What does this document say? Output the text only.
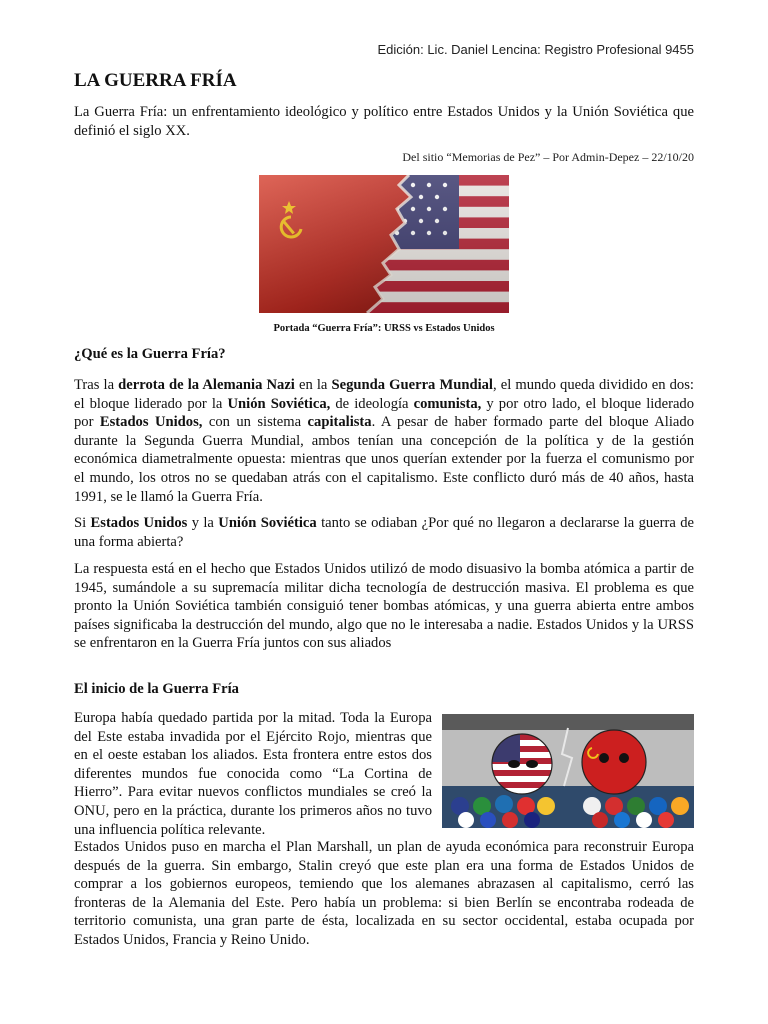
Edición: Lic. Daniel Lencina: Registro Profesional 9455
LA GUERRA FRÍA

La Guerra Fría: un enfrentamiento ideológico y político entre Estados Unidos y la Unión Soviética que definió el siglo XX.

Del sitio “Memorias de Pez” – Por Admin-Depez – 22/10/20
Portada “Guerra Fría”: URSS vs Estados Unidos
¿Qué es la Guerra Fría?

Tras la derrota de la Alemania Nazi en la Segunda Guerra Mundial, el mundo queda dividido en dos: el bloque liderado por la Unión Soviética, de ideología comunista, y por otro lado, el bloque liderado por Estados Unidos, con un sistema capitalista. A pesar de haber formado parte del bloque Aliado durante la Segunda Guerra Mundial, ambos tenían una concepción de la política y de la gestión económica diametralmente opuesta: mientras que unos querían extender por la fuerza el comunismo por el mundo, los otros no se quedaban atrás con el capitalismo. Este conflicto duró más de 40 años, hasta 1991, se le llamó la Guerra Fría.

Si Estados Unidos y la Unión Soviética tanto se odiaban ¿Por qué no llegaron a declararse la guerra de una forma abierta?

La respuesta está en el hecho que Estados Unidos utilizó de modo disuasivo la bomba atómica a partir de 1945, sumándole a su supremacía militar dicha tecnología de destrucción masiva. El problema es que pronto la Unión Soviética también consiguió tener bombas atómicas, y una guerra abierta entre ambos países significaba la destrucción del mundo, algo que no le interesaba a nadie. Estados Unidos y la URSS se enfrentaron en la Guerra Fría juntos con sus aliados

El inicio de la Guerra Fría

Europa había quedado partida por la mitad. Toda la Europa del Este estaba invadida por el Ejército Rojo, mientras que en el oeste estaban los aliados. Esta frontera entre estos dos diferentes mundos fue conocida como “La Cortina de Hierro”. Para evitar nuevos conflictos mundiales se creó la ONU, pero en la práctica, durante los primeros años no tuvo una influencia política relevante.

Estados Unidos puso en marcha el Plan Marshall, un plan de ayuda económica para reconstruir Europa después de la guerra. Sin embargo, Stalin creyó que este plan era una forma de Estados Unidos de comprar a los gobiernos europeos, temiendo que los alemanes abrazasen al capitalismo, cerró las fronteras de la Alemania del Este. Pero había un problema: si bien Berlín se encontraba rodeada de territorio comunista, una gran parte de ésta, localizada en su sector occidental, estaba ocupada por Estados Unidos, Francia y Reino Unido.
